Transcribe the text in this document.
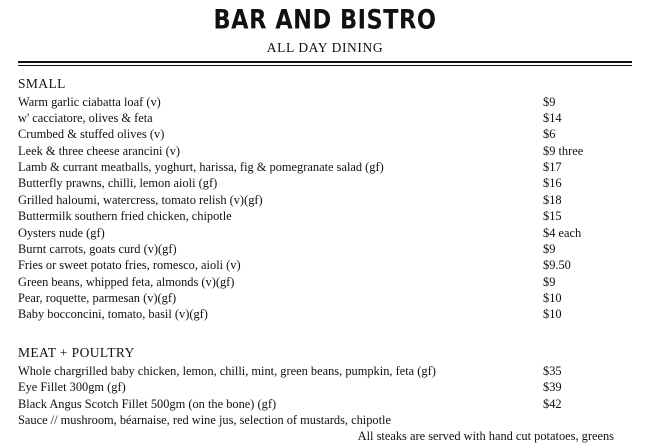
BAR AND BISTRO
ALL DAY DINING
SMALL
Warm garlic ciabatta loaf (v)	$9
w' cacciatore, olives & feta	$14
Crumbed & stuffed olives (v)	$6
Leek & three cheese arancini (v)	$9 three
Lamb & currant meatballs, yoghurt, harissa, fig & pomegranate salad (gf)	$17
Butterfly prawns, chilli, lemon aioli (gf)	$16
Grilled haloumi, watercress, tomato relish (v)(gf)	$18
Buttermilk southern fried chicken, chipotle	$15
Oysters nude (gf)	$4 each
Burnt carrots, goats curd (v)(gf)	$9
Fries or sweet potato fries, romesco, aioli (v)	$9.50
Green beans, whipped feta, almonds (v)(gf)	$9
Pear, roquette, parmesan (v)(gf)	$10
Baby bocconcini, tomato, basil (v)(gf)	$10
MEAT + POULTRY
Whole chargrilled baby chicken, lemon, chilli, mint, green beans, pumpkin, feta (gf)	$35
Eye Fillet 300gm (gf)	$39
Black Angus Scotch Fillet 500gm (on the bone) (gf)	$42
Sauce // mushroom, béarnaise, red wine jus, selection of mustards, chipotle
All steaks are served with hand cut potatoes, greens
